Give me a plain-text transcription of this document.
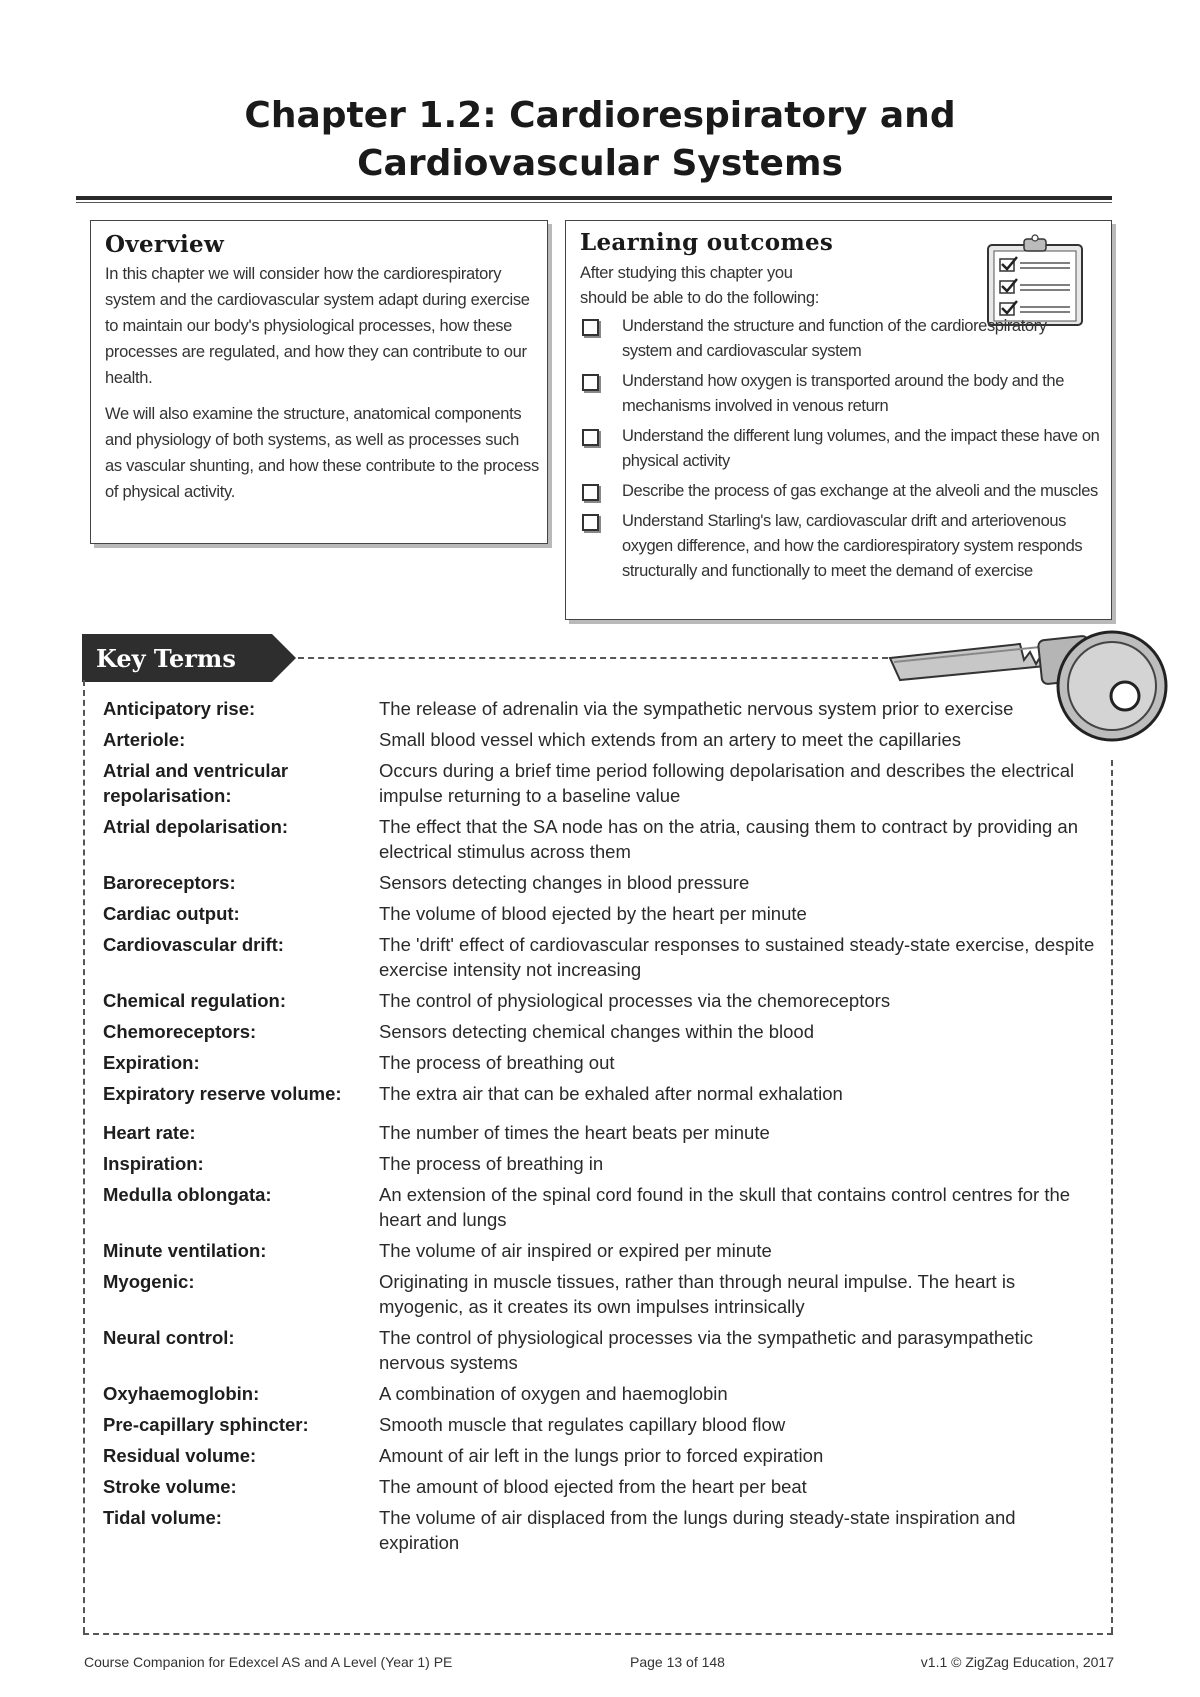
Chapter 1.2: Cardiorespiratory and
Cardiovascular Systems
Overview

In this chapter we will consider how the cardiorespiratory system and the cardiovascular system adapt during exercise to maintain our body's physiological processes, how these processes are regulated, and how they can contribute to our health.

We will also examine the structure, anatomical components and physiology of both systems, as well as processes such as vascular shunting, and how these contribute to the process of physical activity.

Learning outcomes
After studying this chapter you
should be able to do the following:
Understand the structure and function of the cardiorespiratory system and cardiovascular system
Understand how oxygen is transported around the body and the mechanisms involved in venous return
Understand the different lung volumes, and the impact these have on physical activity
Describe the process of gas exchange at the alveoli and the muscles
Understand Starling's law, cardiovascular drift and arteriovenous oxygen difference, and how the cardiorespiratory system responds structurally and functionally to meet the demand of exercise
Key Terms
Anticipatory rise:	The release of adrenalin via the sympathetic nervous system prior to exercise
Arteriole:	Small blood vessel which extends from an artery to meet the capillaries
Atrial and ventricular repolarisation:
Occurs during a brief time period following depolarisation and describes the electrical impulse returning to a baseline value
Atrial depolarisation:	The effect that the SA node has on the atria, causing them to contract by providing an electrical stimulus across them
Baroreceptors:	Sensors detecting changes in blood pressure
Cardiac output:	The volume of blood ejected by the heart per minute
Cardiovascular drift:	The 'drift' effect of cardiovascular responses to sustained steady-state exercise, despite exercise intensity not increasing
Chemical regulation:	The control of physiological processes via the chemoreceptors
Chemoreceptors:	Sensors detecting chemical changes within the blood
Expiration:	The process of breathing out
Expiratory reserve volume:	The extra air that can be exhaled after normal exhalation
Heart rate:	The number of times the heart beats per minute
Inspiration:	The process of breathing in
Medulla oblongata:	An extension of the spinal cord found in the skull that contains control centres for the heart and lungs
Minute ventilation:	The volume of air inspired or expired per minute
Myogenic:	Originating in muscle tissues, rather than through neural impulse. The heart is myogenic, as it creates its own impulses intrinsically
Neural control:	The control of physiological processes via the sympathetic and parasympathetic nervous systems
Oxyhaemoglobin:	A combination of oxygen and haemoglobin
Pre-capillary sphincter:	Smooth muscle that regulates capillary blood flow
Residual volume:	Amount of air left in the lungs prior to forced expiration
Stroke volume:	The amount of blood ejected from the heart per beat
Tidal volume:	The volume of air displaced from the lungs during steady-state inspiration and expiration
Course Companion for Edexcel AS and A Level (Year 1) PE	Page 13 of 148	v1.1 © ZigZag Education, 2017
